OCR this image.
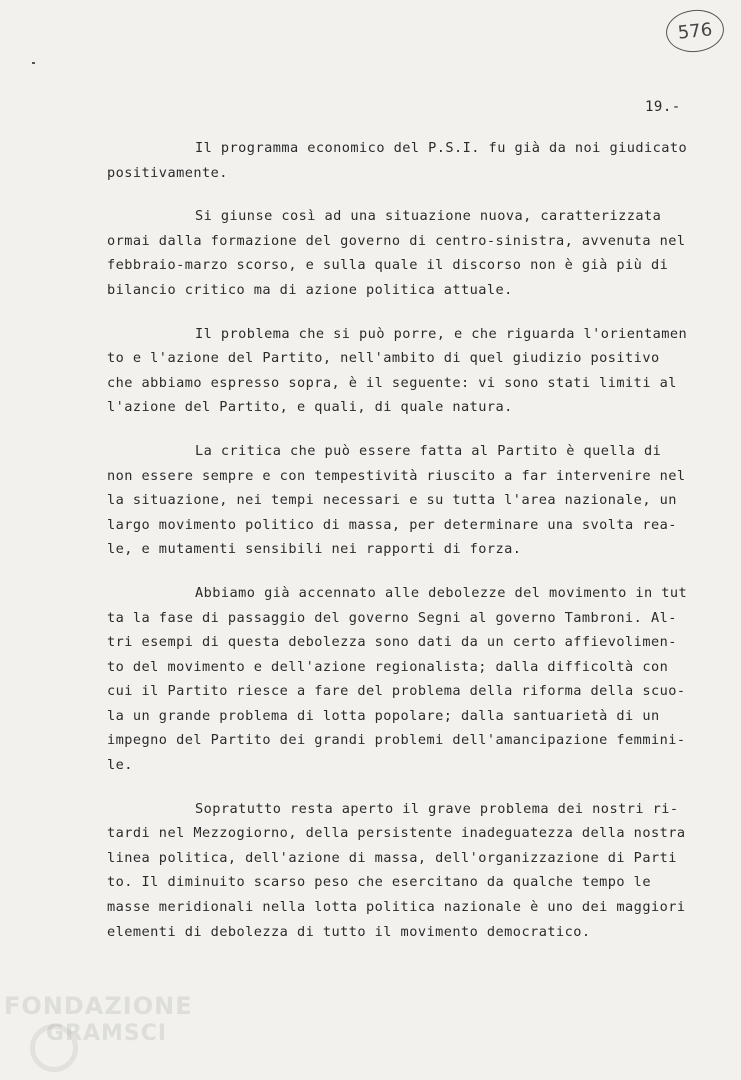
576
19.-
Il programma economico del P.S.I. fu già da noi giudicato
positivamente.
Si giunse così ad una situazione nuova, caratterizzata
ormai dalla formazione del governo di centro-sinistra, avvenuta nel
febbraio-marzo scorso, e sulla quale il discorso non è già più di
bilancio critico ma di azione politica attuale.
Il problema che si può porre, e che riguarda l'orientamen
to e l'azione del Partito, nell'ambito di quel giudizio positivo
che abbiamo espresso sopra, è il seguente: vi sono stati limiti al
l'azione del Partito, e quali, di quale natura.
La critica che può essere fatta al Partito è quella di
non essere sempre e con tempestività riuscito a far intervenire nel
la situazione, nei tempi necessari e su tutta l'area nazionale, un
largo movimento politico di massa, per determinare una svolta rea-
le, e mutamenti sensibili nei rapporti di forza.
Abbiamo già accennato alle debolezze del movimento in tut
ta la fase di passaggio del governo Segni al governo Tambroni. Al-
tri esempi di questa debolezza sono dati da un certo affievolimen-
to del movimento e dell'azione regionalista; dalla difficoltà con
cui il Partito riesce a fare del problema della riforma della scuo-
la un grande problema di lotta popolare; dalla santuarietà di un
impegno del Partito dei grandi problemi dell'amancipazione femmini-
le.
Sopratutto resta aperto il grave problema dei nostri ri-
tardi nel Mezzogiorno, della persistente inadeguatezza della nostra
linea politica, dell'azione di massa, dell'organizzazione di Parti
to. Il diminuito scarso peso che esercitano da qualche tempo le
masse meridionali nella lotta politica nazionale è uno dei maggiori
elementi di debolezza di tutto il movimento democratico.
FONDAZIONE
GRAMSCI
